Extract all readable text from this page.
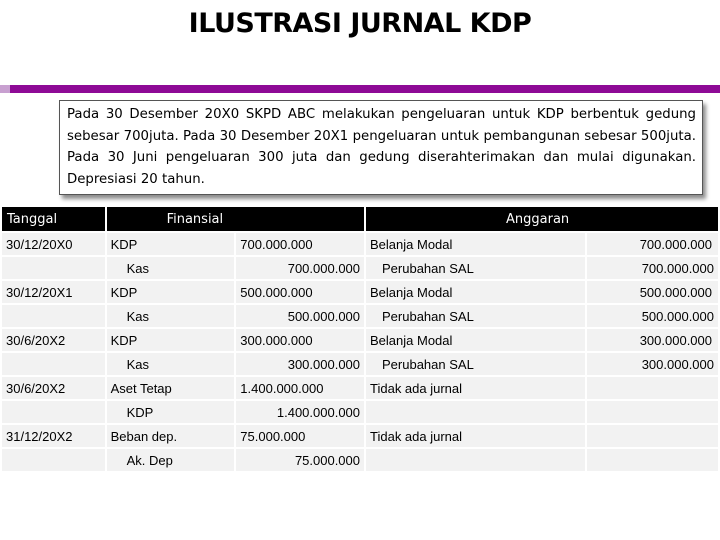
ILUSTRASI JURNAL KDP
Pada 30 Desember 20X0 SKPD ABC melakukan pengeluaran untuk KDP berbentuk gedung sebesar 700juta. Pada 30 Desember 20X1 pengeluaran untuk pembangunan sebesar 500juta. Pada 30 Juni pengeluaran 300 juta dan gedung diserahterimakan dan mulai digunakan. Depresiasi 20 tahun.
Tanggal	Finansial		Anggaran	
30/12/20X0	KDP	700.000.000	Belanja Modal	700.000.000
	Kas	700.000.000	Perubahan SAL	700.000.000
30/12/20X1	KDP	500.000.000	Belanja Modal	500.000.000
	Kas	500.000.000	Perubahan SAL	500.000.000
30/6/20X2	KDP	300.000.000	Belanja Modal	300.000.000
	Kas	300.000.000	Perubahan SAL	300.000.000
30/6/20X2	Aset Tetap	1.400.000.000	Tidak ada jurnal	
	KDP	1.400.000.000		
31/12/20X2	Beban dep.	75.000.000	Tidak ada jurnal	
	Ak. Dep	75.000.000		
